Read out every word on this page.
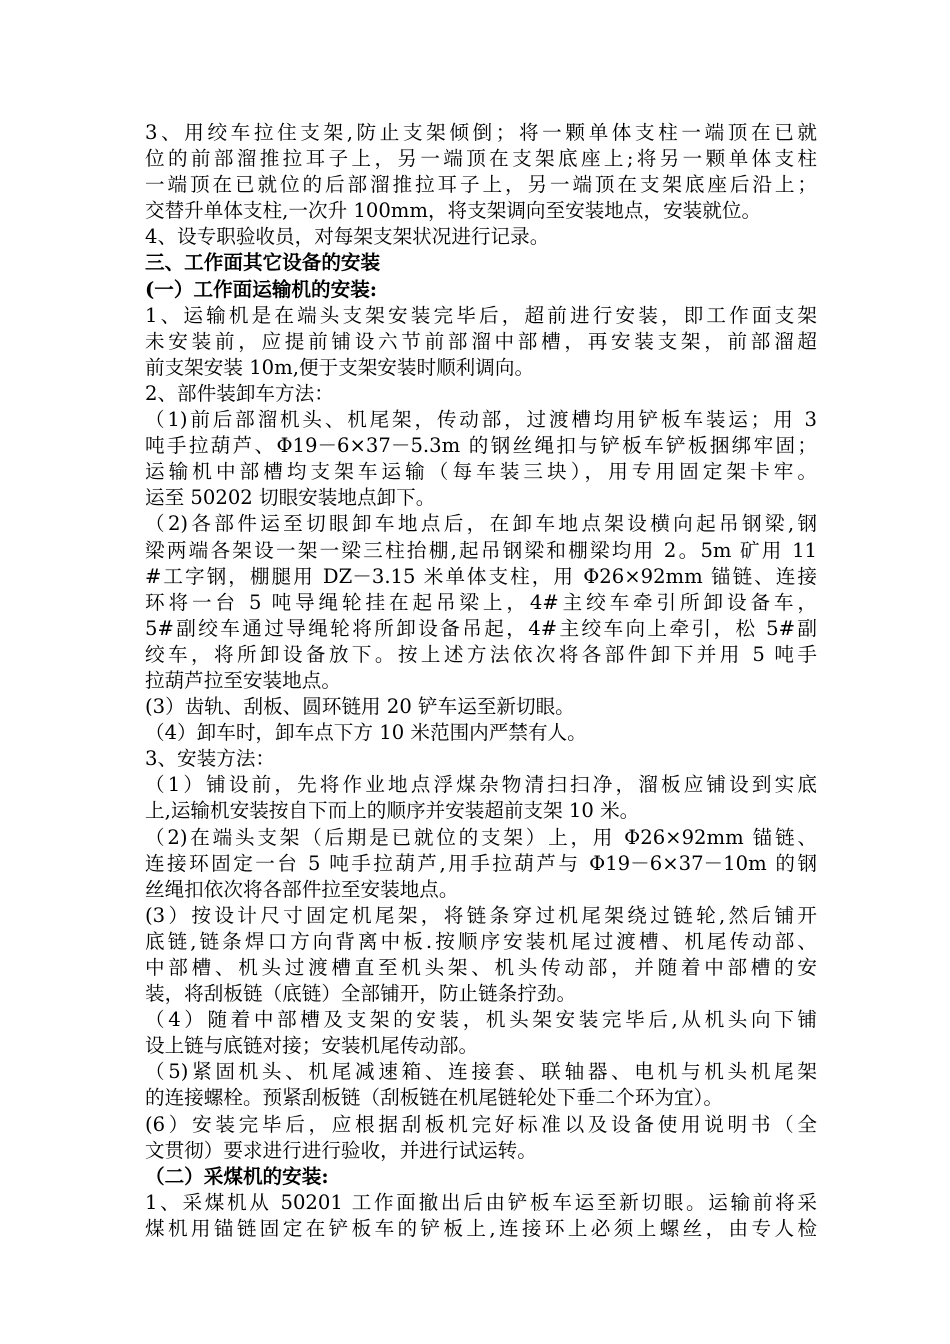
3、用绞车拉住支架,防止支架倾倒；将一颗单体支柱一端顶在已就
位的前部溜推拉耳子上，另一端顶在支架底座上;将另一颗单体支柱
一端顶在已就位的后部溜推拉耳子上，另一端顶在支架底座后沿上；
交替升单体支柱,一次升 100mm，将支架调向至安装地点，安装就位。
4、设专职验收员，对每架支架状况进行记录。
三、工作面其它设备的安装
(一）工作面运输机的安装:
1、运输机是在端头支架安装完毕后，超前进行安装，即工作面支架
未安装前，应提前铺设六节前部溜中部槽，再安装支架，前部溜超
前支架安装 10m,便于支架安装时顺利调向。
2、部件装卸车方法：
（1)前后部溜机头、机尾架，传动部，过渡槽均用铲板车装运；用 3
吨手拉葫芦、Φ19－6×37－5.3m 的钢丝绳扣与铲板车铲板捆绑牢固；
运输机中部槽均支架车运输（每车装三块），用专用固定架卡牢。
运至 50202 切眼安装地点卸下。
（2)各部件运至切眼卸车地点后，在卸车地点架设横向起吊钢梁,钢
梁两端各架设一架一梁三柱抬棚,起吊钢梁和棚梁均用 2。5m 矿用 11
#工字钢，棚腿用 DZ－3.15 米单体支柱，用 Φ26×92mm 锚链、连接
环将一台 5 吨导绳轮挂在起吊梁上，4#主绞车牵引所卸设备车，
5#副绞车通过导绳轮将所卸设备吊起，4#主绞车向上牵引，松 5#副
绞车，将所卸设备放下。按上述方法依次将各部件卸下并用 5 吨手
拉葫芦拉至安装地点。
(3）齿轨、刮板、圆环链用 20 铲车运至新切眼。
（4）卸车时，卸车点下方 10 米范围内严禁有人。
3、安装方法：
（1）铺设前，先将作业地点浮煤杂物清扫扫净，溜板应铺设到实底
上,运输机安装按自下而上的顺序并安装超前支架 10 米。
（2)在端头支架（后期是已就位的支架）上，用 Φ26×92mm 锚链、
连接环固定一台 5 吨手拉葫芦,用手拉葫芦与 Φ19－6×37－10m 的钢
丝绳扣依次将各部件拉至安装地点。
(3）按设计尺寸固定机尾架，将链条穿过机尾架绕过链轮,然后铺开
底链,链条焊口方向背离中板.按顺序安装机尾过渡槽、机尾传动部、
中部槽、机头过渡槽直至机头架、机头传动部，并随着中部槽的安
装，将刮板链（底链）全部铺开，防止链条拧劲。
（4）随着中部槽及支架的安装，机头架安装完毕后,从机头向下铺
设上链与底链对接；安装机尾传动部。
（5)紧固机头、机尾减速箱、连接套、联轴器、电机与机头机尾架
的连接螺栓。预紧刮板链（刮板链在机尾链轮处下垂二个环为宜）。
(6）安装完毕后，应根据刮板机完好标准以及设备使用说明书（全
文贯彻）要求进行进行验收，并进行试运转。
（二）采煤机的安装:
1、采煤机从 50201 工作面撤出后由铲板车运至新切眼。运输前将采
煤机用锚链固定在铲板车的铲板上,连接环上必须上螺丝，由专人检
